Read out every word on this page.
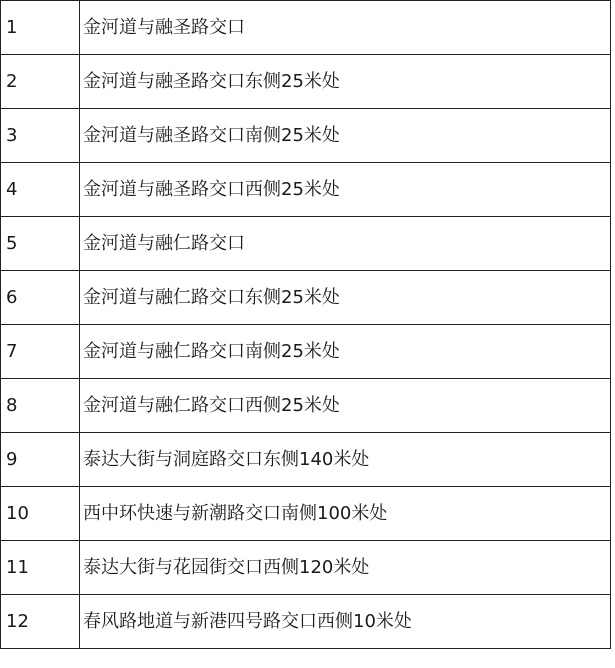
1	金河道与融圣路交口
2	金河道与融圣路交口东侧25米处
3	金河道与融圣路交口南侧25米处
4	金河道与融圣路交口西侧25米处
5	金河道与融仁路交口
6	金河道与融仁路交口东侧25米处
7	金河道与融仁路交口南侧25米处
8	金河道与融仁路交口西侧25米处
9	泰达大街与洞庭路交口东侧140米处
10	西中环快速与新潮路交口南侧100米处
11	泰达大街与花园街交口西侧120米处
12	春风路地道与新港四号路交口西侧10米处
